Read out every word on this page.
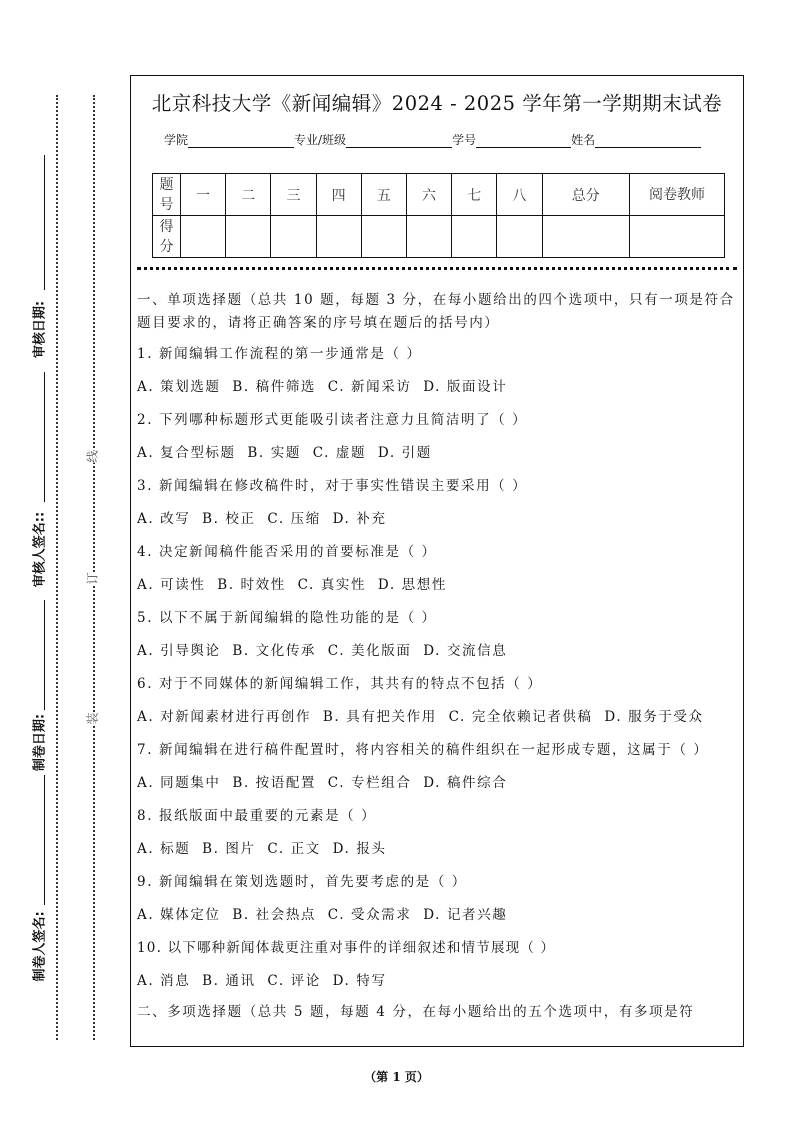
审核日期:
审核人签名::
制卷日期:
制卷人签名:
线
订
装
北京科技大学《新闻编辑》2024 - 2025 学年第一学期期末试卷
学院	专业/班级	学号	姓名
题号	一	二	三	四	五	六	七	八	总分	阅卷教师
得分										
一、单项选择题（总共 10 题，每题 3 分，在每小题给出的四个选项中，只有一项是符合题目要求的，请将正确答案的序号填在题后的括号内）
1. 新闻编辑工作流程的第一步通常是（ ）
A. 策划选题  B. 稿件筛选  C. 新闻采访  D. 版面设计
2. 下列哪种标题形式更能吸引读者注意力且简洁明了（ ）
A. 复合型标题  B. 实题  C. 虚题  D. 引题
3. 新闻编辑在修改稿件时，对于事实性错误主要采用（ ）
A. 改写  B. 校正  C. 压缩  D. 补充
4. 决定新闻稿件能否采用的首要标准是（ ）
A. 可读性  B. 时效性  C. 真实性  D. 思想性
5. 以下不属于新闻编辑的隐性功能的是（ ）
A. 引导舆论  B. 文化传承  C. 美化版面  D. 交流信息
6. 对于不同媒体的新闻编辑工作，其共有的特点不包括（ ）
A. 对新闻素材进行再创作  B. 具有把关作用  C. 完全依赖记者供稿  D. 服务于受众
7. 新闻编辑在进行稿件配置时，将内容相关的稿件组织在一起形成专题，这属于（ ）
A. 同题集中  B. 按语配置  C. 专栏组合  D. 稿件综合
8. 报纸版面中最重要的元素是（ ）
A. 标题  B. 图片  C. 正文  D. 报头
9. 新闻编辑在策划选题时，首先要考虑的是（ ）
A. 媒体定位  B. 社会热点  C. 受众需求  D. 记者兴趣
10. 以下哪种新闻体裁更注重对事件的详细叙述和情节展现（ ）
A. 消息  B. 通讯  C. 评论  D. 特写
二、多项选择题（总共 5 题，每题 4 分，在每小题给出的五个选项中，有多项是符
（第 1 页）
